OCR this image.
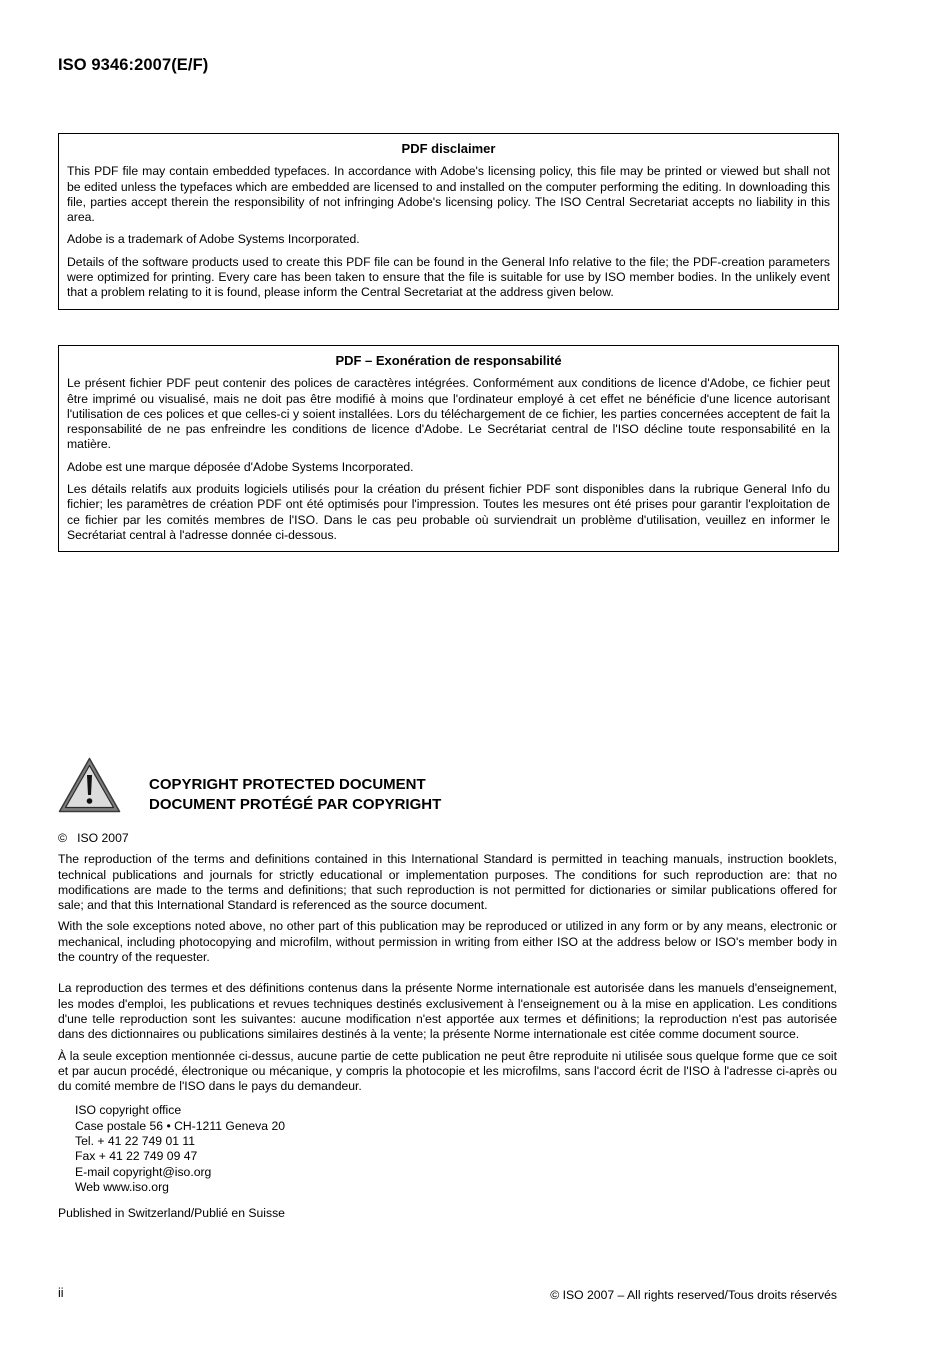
ISO 9346:2007(E/F)
PDF disclaimer

This PDF file may contain embedded typefaces. In accordance with Adobe's licensing policy, this file may be printed or viewed but shall not be edited unless the typefaces which are embedded are licensed to and installed on the computer performing the editing. In downloading this file, parties accept therein the responsibility of not infringing Adobe's licensing policy. The ISO Central Secretariat accepts no liability in this area.

Adobe is a trademark of Adobe Systems Incorporated.

Details of the software products used to create this PDF file can be found in the General Info relative to the file; the PDF-creation parameters were optimized for printing. Every care has been taken to ensure that the file is suitable for use by ISO member bodies. In the unlikely event that a problem relating to it is found, please inform the Central Secretariat at the address given below.

PDF – Exonération de responsabilité

Le présent fichier PDF peut contenir des polices de caractères intégrées. Conformément aux conditions de licence d'Adobe, ce fichier peut être imprimé ou visualisé, mais ne doit pas être modifié à moins que l'ordinateur employé à cet effet ne bénéficie d'une licence autorisant l'utilisation de ces polices et que celles-ci y soient installées. Lors du téléchargement de ce fichier, les parties concernées acceptent de fait la responsabilité de ne pas enfreindre les conditions de licence d'Adobe. Le Secrétariat central de l'ISO décline toute responsabilité en la matière.

Adobe est une marque déposée d'Adobe Systems Incorporated.

Les détails relatifs aux produits logiciels utilisés pour la création du présent fichier PDF sont disponibles dans la rubrique General Info du fichier; les paramètres de création PDF ont été optimisés pour l'impression. Toutes les mesures ont été prises pour garantir l'exploitation de ce fichier par les comités membres de l'ISO. Dans le cas peu probable où surviendrait un problème d'utilisation, veuillez en informer le Secrétariat central à l'adresse donnée ci-dessous.

COPYRIGHT PROTECTED DOCUMENT
DOCUMENT PROTÉGÉ PAR COPYRIGHT

©   ISO 2007

The reproduction of the terms and definitions contained in this International Standard is permitted in teaching manuals, instruction booklets, technical publications and journals for strictly educational or implementation purposes. The conditions for such reproduction are: that no modifications are made to the terms and definitions; that such reproduction is not permitted for dictionaries or similar publications offered for sale; and that this International Standard is referenced as the source document.

With the sole exceptions noted above, no other part of this publication may be reproduced or utilized in any form or by any means, electronic or mechanical, including photocopying and microfilm, without permission in writing from either ISO at the address below or ISO's member body in the country of the requester.

La reproduction des termes et des définitions contenus dans la présente Norme internationale est autorisée dans les manuels d'enseignement, les modes d'emploi, les publications et revues techniques destinés exclusivement à l'enseignement ou à la mise en application. Les conditions d'une telle reproduction sont les suivantes: aucune modification n'est apportée aux termes et définitions; la reproduction n'est pas autorisée dans des dictionnaires ou publications similaires destinés à la vente; la présente Norme internationale est citée comme document source.

À la seule exception mentionnée ci-dessus, aucune partie de cette publication ne peut être reproduite ni utilisée sous quelque forme que ce soit et par aucun procédé, électronique ou mécanique, y compris la photocopie et les microfilms, sans l'accord écrit de l'ISO à l'adresse ci-après ou du comité membre de l'ISO dans le pays du demandeur.

ISO copyright office
Case postale 56 • CH-1211 Geneva 20
Tel. + 41 22 749 01 11
Fax + 41 22 749 09 47
E-mail copyright@iso.org
Web www.iso.org
Published in Switzerland/Publié en Suisse
ii	© ISO 2007 – All rights reserved/Tous droits réservés
